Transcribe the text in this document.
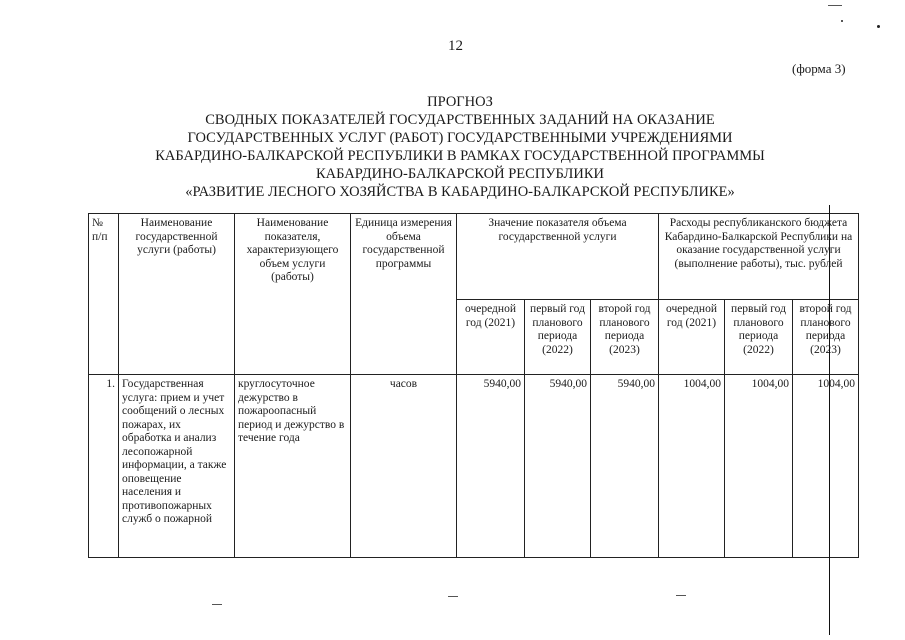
12
(форма 3)
ПРОГНОЗ
СВОДНЫХ ПОКАЗАТЕЛЕЙ ГОСУДАРСТВЕННЫХ ЗАДАНИЙ НА ОКАЗАНИЕ
ГОСУДАРСТВЕННЫХ УСЛУГ (РАБОТ) ГОСУДАРСТВЕННЫМИ УЧРЕЖДЕНИЯМИ
КАБАРДИНО-БАЛКАРСКОЙ РЕСПУБЛИКИ В РАМКАХ ГОСУДАРСТВЕННОЙ ПРОГРАММЫ
КАБАРДИНО-БАЛКАРСКОЙ РЕСПУБЛИКИ
«РАЗВИТИЕ ЛЕСНОГО ХОЗЯЙСТВА В КАБАРДИНО-БАЛКАРСКОЙ РЕСПУБЛИКЕ»
№ п/п	Наименование государственной услуги (работы)	Наименование показателя, характеризующего объем услуги (работы)	Единица измерения объема государственной программы	Значение показателя объема государственной услуги			Расходы республиканского бюджета Кабардино-Балкарской Республики на оказание государственной услуги (выполнение работы), тыс. рублей		
				очередной год (2021)	первый год планового периода (2022)	второй год планового периода (2023)	очередной год (2021)	первый год планового периода (2022)	второй год планового периода (2023)
1.	Государственная услуга: прием и учет сообщений о лесных пожарах, их обработка и анализ лесопожарной информации, а также оповещение населения и противопожарных служб о пожарной	круглосуточное дежурство в пожароопасный период и дежурство в течение года	часов	5940,00	5940,00	5940,00	1004,00	1004,00	1004,00
